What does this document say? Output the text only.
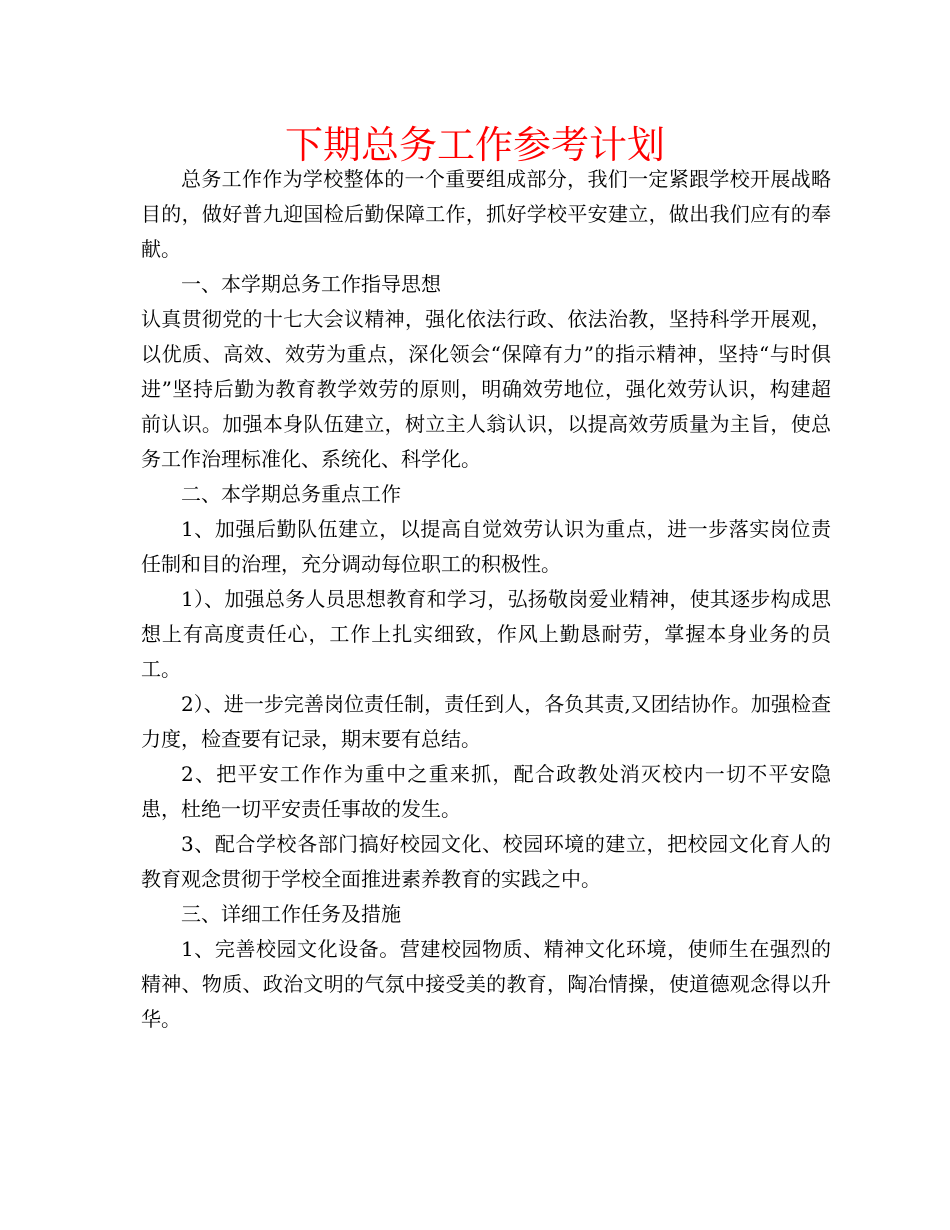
下期总务工作参考计划

总务工作作为学校整体的一个重要组成部分，我们一定紧跟学校开展战略目的，做好普九迎国检后勤保障工作，抓好学校平安建立，做出我们应有的奉献。

一、本学期总务工作指导思想

认真贯彻党的十七大会议精神，强化依法行政、依法治教，坚持科学开展观，以优质、高效、效劳为重点，深化领会“保障有力”的指示精神，坚持“与时俱进”坚持后勤为教育教学效劳的原则，明确效劳地位，强化效劳认识，构建超前认识。加强本身队伍建立，树立主人翁认识，以提高效劳质量为主旨，使总务工作治理标准化、系统化、科学化。

二、本学期总务重点工作

1、加强后勤队伍建立，以提高自觉效劳认识为重点，进一步落实岗位责任制和目的治理，充分调动每位职工的积极性。

1）、加强总务人员思想教育和学习，弘扬敬岗爱业精神，使其逐步构成思想上有高度责任心，工作上扎实细致，作风上勤恳耐劳，掌握本身业务的员工。

2）、进一步完善岗位责任制，责任到人，各负其责,又团结协作。加强检查力度，检查要有记录，期末要有总结。

2、把平安工作作为重中之重来抓，配合政教处消灭校内一切不平安隐患，杜绝一切平安责任事故的发生。

3、配合学校各部门搞好校园文化、校园环境的建立，把校园文化育人的教育观念贯彻于学校全面推进素养教育的实践之中。

三、详细工作任务及措施

1、完善校园文化设备。营建校园物质、精神文化环境，使师生在强烈的精神、物质、政治文明的气氛中接受美的教育，陶冶情操，使道德观念得以升华。
